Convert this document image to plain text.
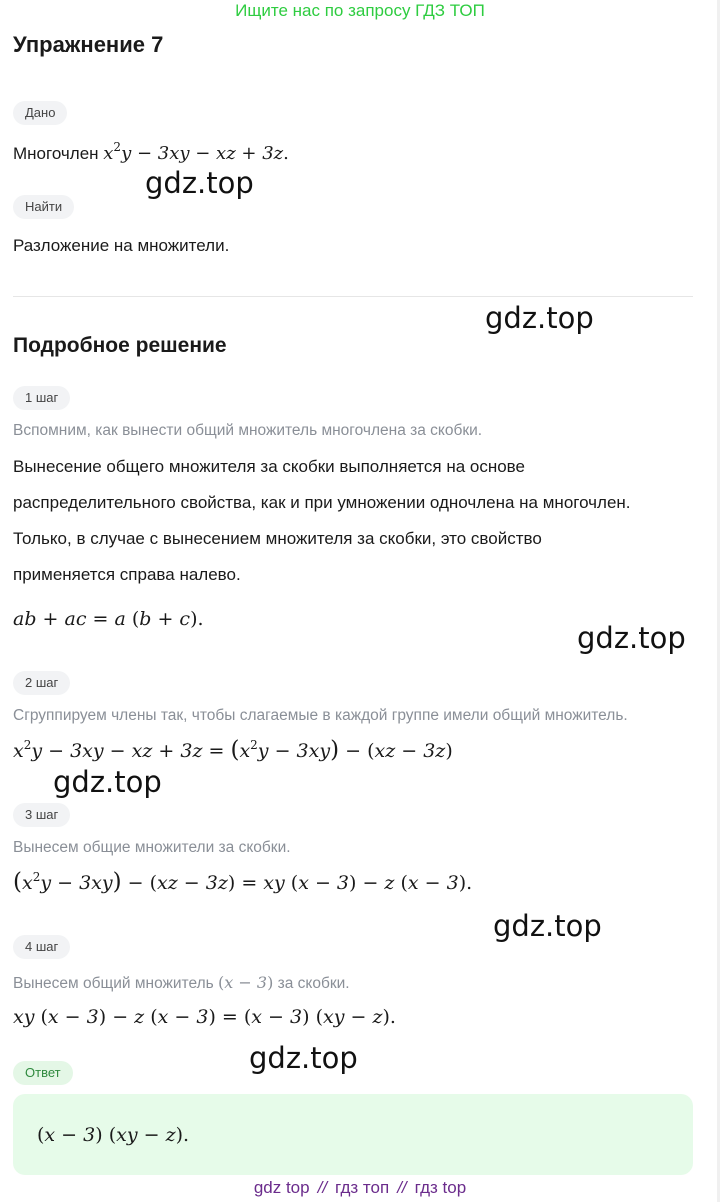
Ищите нас по запросу ГДЗ ТОП
Упражнение 7
Дано
Многочлен $x^2y - 3xy$ − xz + 3z.
Найти
Разложение на множители.
Подробное решение
1 шаг
Вспомним, как вынести общий множитель многочлена за скобки.
Вынесение общего множителя за скобки выполняется на основе
распределительного свойства, как и при умножении одночлена на многочлен.
Только, в случае с вынесением множителя за скобки, это свойство
применяется справа налево.
ab + ac = a (b + c).
2 шаг
Сгруппируем члены так, чтобы слагаемые в каждой группе имели общий множитель.
$x^2y - 3xy$ − xz + $3z = (x^2y - 3xy) - (xz - 3z)$
3 шаг
Вынесем общие множители за скобки.
$(x^2y - 3xy) - (xz - 3z)$ = xy (x − 3) − z (x − 3).
4 шаг
Вынесем общий множитель (x − 3) за скобки.
xy (x − 3) − z (x − 3) = (x − 3) (xy − z).
Ответ
(x − 3) (xy − z).
gdz.top
gdz.top
gdz.top
gdz.top
gdz.top
gdz.top
gdz top // гдз топ // гдз top
